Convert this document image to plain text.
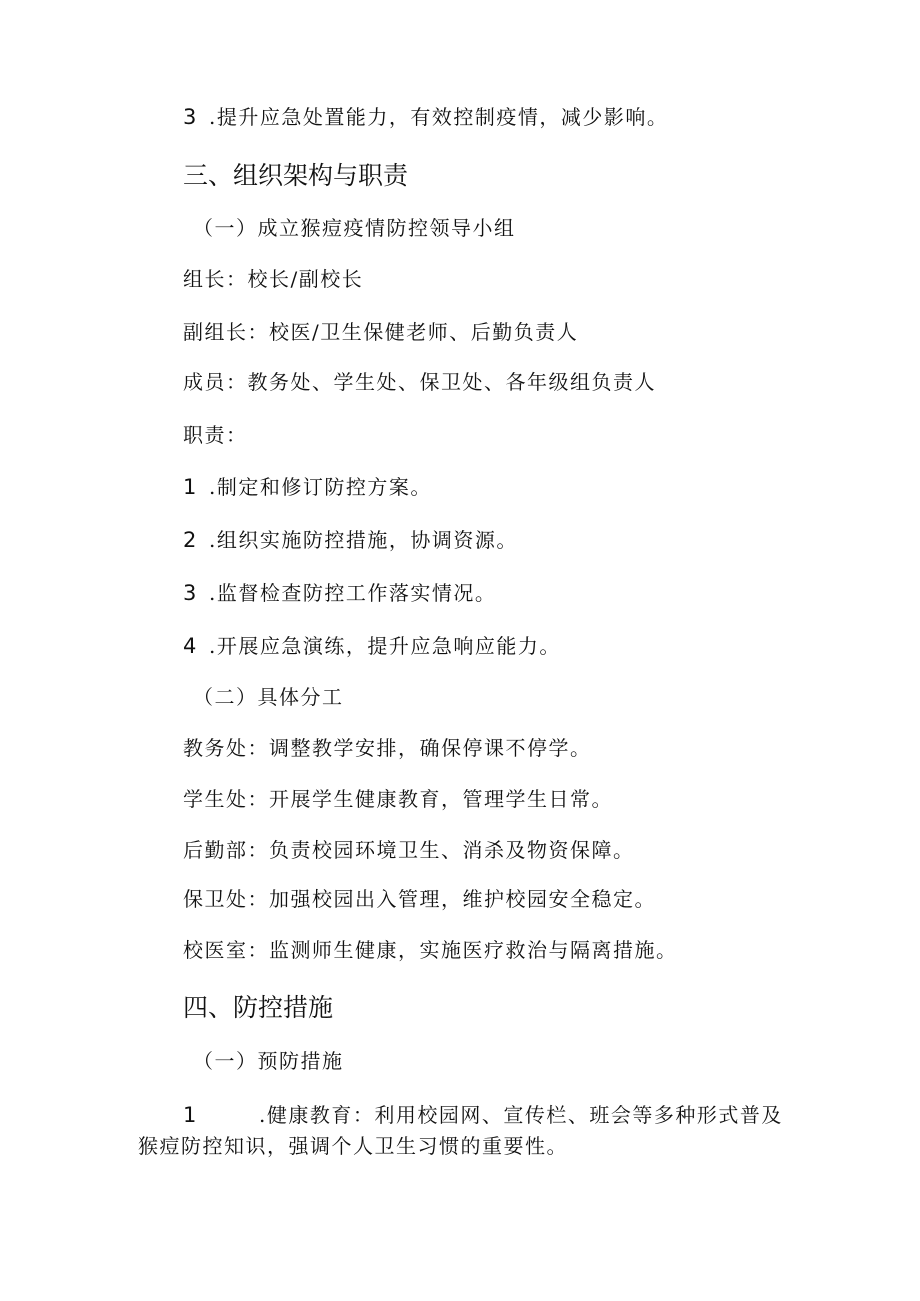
3 .提升应急处置能力，有效控制疫情，减少影响。
三、组织架构与职责
（一）成立猴痘疫情防控领导小组
组长：校长/副校长
副组长：校医/卫生保健老师、后勤负责人
成员：教务处、学生处、保卫处、各年级组负责人
职责：
1 .制定和修订防控方案。
2 .组织实施防控措施，协调资源。
3 .监督检查防控工作落实情况。
4 .开展应急演练，提升应急响应能力。
（二）具体分工
教务处：调整教学安排，确保停课不停学。
学生处：开展学生健康教育，管理学生日常。
后勤部：负责校园环境卫生、消杀及物资保障。
保卫处：加强校园出入管理，维护校园安全稳定。
校医室：监测师生健康，实施医疗救治与隔离措施。
四、防控措施
（一）预防措施
1	.健康教育：利用校园网、宣传栏、班会等多种形式普及
猴痘防控知识，强调个人卫生习惯的重要性。
